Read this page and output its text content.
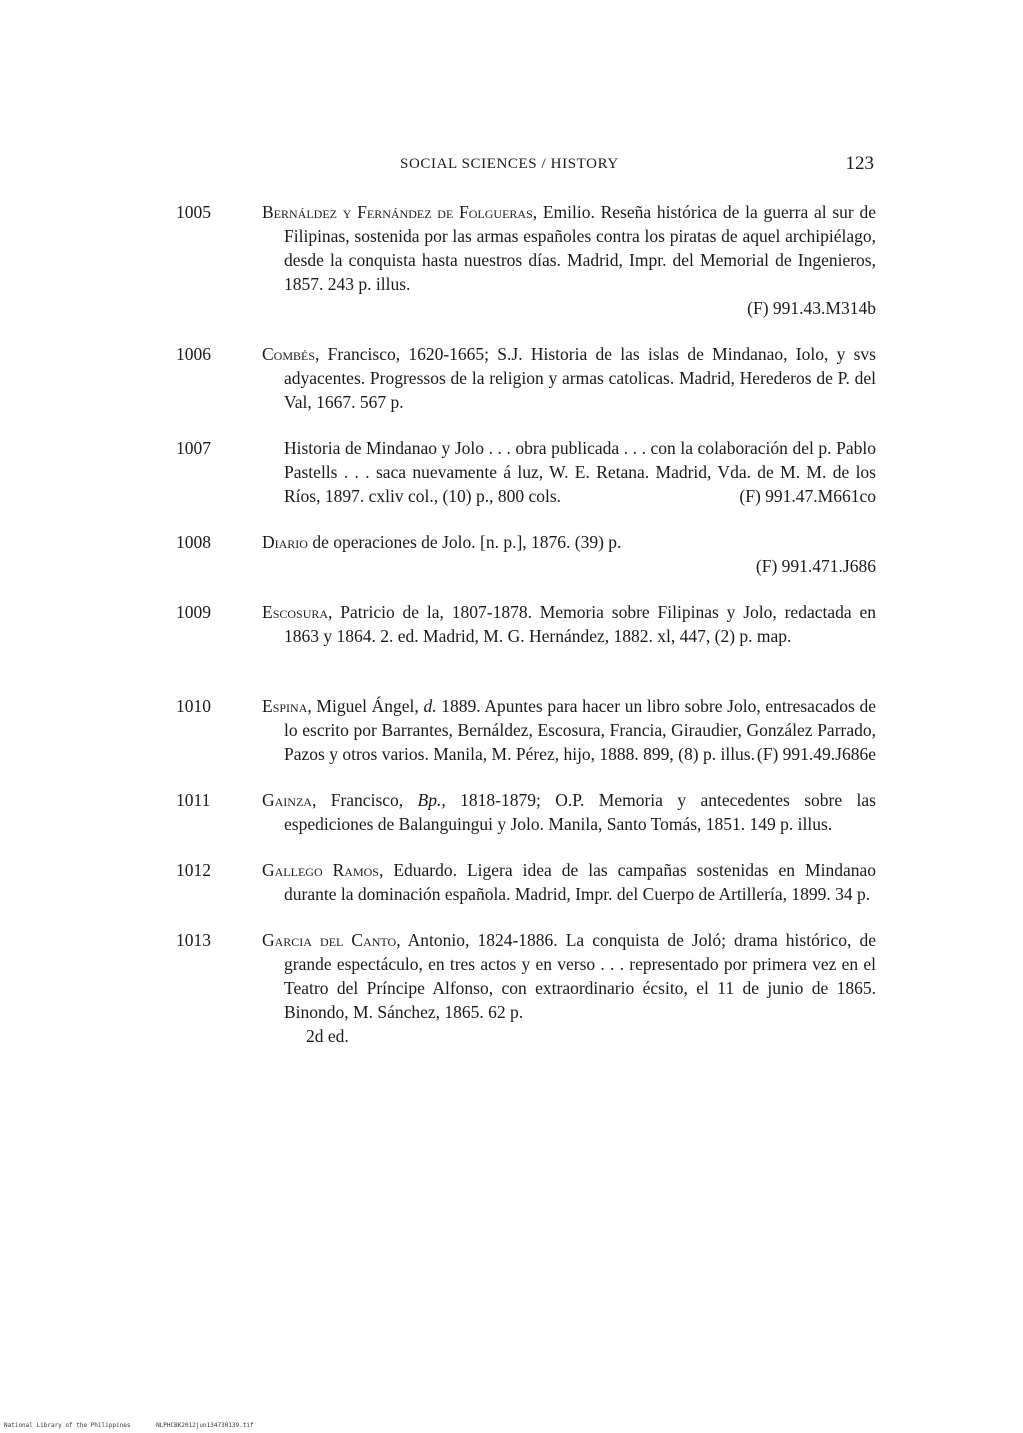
SOCIAL SCIENCES / HISTORY	123
1005	Bernáldez y Fernández de Folgueras, Emilio. Reseña histórica de la guerra al sur de Filipinas, sostenida por las armas españoles contra los piratas de aquel archipiélago, desde la conquista hasta nuestros días. Madrid, Impr. del Memorial de Ingenieros, 1857. 243 p. illus.
(F) 991.43.M314b
1006	Combés, Francisco, 1620-1665; S.J. Historia de las islas de Mindanao, Iolo, y svs adyacentes. Progressos de la religion y armas catolicas. Madrid, Herederos de P. del Val, 1667. 567 p.
1007	Historia de Mindanao y Jolo . . . obra publicada . . . con la colaboración del p. Pablo Pastells . . . saca nuevamente á luz, W. E. Retana. Madrid, Vda. de M. M. de los Ríos, 1897. cxliv col., (10) p., 800 cols.	(F) 991.47.M661co
1008	Diario de operaciones de Jolo. [n. p.], 1876. (39) p.
(F) 991.471.J686
1009	Escosura, Patricio de la, 1807-1878. Memoria sobre Filipinas y Jolo, redactada en 1863 y 1864. 2. ed. Madrid, M. G. Hernández, 1882. xl, 447, (2) p. map.
1010	Espina, Miguel Ángel, d. 1889. Apuntes para hacer un libro sobre Jolo, entresacados de lo escrito por Barrantes, Bernáldez, Escosura, Francia, Giraudier, González Parrado, Pazos y otros varios. Manila, M. Pérez, hijo, 1888. 899, (8) p. illus. (F) 991.49.J686e
1011	Gainza, Francisco, Bp., 1818-1879; O.P. Memoria y antecedentes sobre las espediciones de Balanguingui y Jolo. Manila, Santo Tomás, 1851. 149 p. illus.
1012	Gallego Ramos, Eduardo. Ligera idea de las campañas sostenidas en Mindanao durante la dominación española. Madrid, Impr. del Cuerpo de Artillería, 1899. 34 p.
1013	Garcia del Canto, Antonio, 1824-1886. La conquista de Joló; drama histórico, de grande espectáculo, en tres actos y en verso . . . representado por primera vez en el Teatro del Príncipe Alfonso, con extraordinario écsito, el 11 de junio de 1865. Binondo, M. Sánchez, 1865. 62 p.
2d ed.
National Library of the Philippines	NLPHCBK2012jun134730139.tif
